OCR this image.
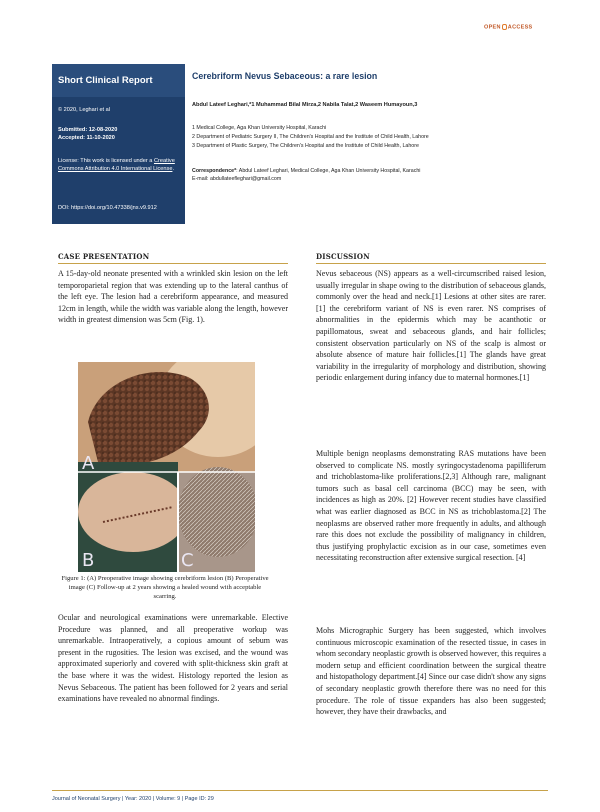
OPEN ACCESS
Short Clinical Report
© 2020, Leghari et al
Submitted: 12-08-2020
Accepted: 11-10-2020
License: This work is licensed under a Creative Commons Attribution 4.0 International License.
DOI: https://doi.org/10.47338/jns.v9.912
Cerebriform Nevus Sebaceous: a rare lesion
Abdul Lateef Leghari,*1 Muhammad Bilal Mirza,2 Nabila Talat,2 Waseem Humayoun,3
1 Medical College, Aga Khan University Hospital, Karachi
2 Department of Pediatric Surgery II, The Children's Hospital and the Institute of Child Health, Lahore
3 Department of Plastic Surgery, The Children's Hospital and the Institute of Child Health, Lahore
Correspondence*: Abdul Lateef Leghari, Medical College, Aga Khan University Hospital, Karachi
E-mail: abdullateefleghari@gmail.com
CASE PRESENTATION
A 15-day-old neonate presented with a wrinkled skin lesion on the left temporoparietal region that was extending up to the lateral canthus of the left eye. The lesion had a cerebriform appearance, and measured 12cm in length, while the width was variable along the length, however width in greatest dimension was 5cm (Fig. 1).
A
B	C
Figure 1: (A) Preoperative image showing cerebriform lesion (B) Peroperative image (C) Follow-up at 2 years showing a healed wound with acceptable scarring.
Ocular and neurological examinations were unremarkable. Elective Procedure was planned, and all preoperative workup was unremarkable. Intraoperatively, a copious amount of sebum was present in the rugosities. The lesion was excised, and the wound was approximated superiorly and covered with split-thickness skin graft at the base where it was the widest. Histology reported the lesion as Nevus Sebaceous. The patient has been followed for 2 years and serial examinations have revealed no abnormal findings.
DISCUSSION
Nevus sebaceous (NS) appears as a well-circumscribed raised lesion, usually irregular in shape owing to the distribution of sebaceous glands, commonly over the head and neck.[1] Lesions at other sites are rarer.[1] the cerebriform variant of NS is even rarer. NS comprises of abnormalities in the epidermis which may be acanthotic or papillomatous, sweat and sebaceous glands, and hair follicles; consistent observation particularly on NS of the scalp is almost or absolute absence of mature hair follicles.[1] The glands have great variability in the irregularity of morphology and distribution, showing periodic enlargement during infancy due to maternal hormones.[1]
Multiple benign neoplasms demonstrating RAS mutations have been observed to complicate NS. mostly syringocystadenoma papilliferum and trichoblastoma-like proliferations.[2,3] Although rare, malignant tumors such as basal cell carcinoma (BCC) may be seen, with incidences as high as 20%. [2] However recent studies have classified what was earlier diagnosed as BCC in NS as trichoblastoma.[2] The neoplasms are observed rather more frequently in adults, and although rare this does not exclude the possibility of malignancy in children, thus justifying prophylactic excision as in our case, sometimes even necessitating reconstruction after extensive surgical resection. [4]
Mohs Micrographic Surgery has been suggested, which involves continuous microscopic examination of the resected tissue, in cases in whom secondary neoplastic growth is observed however, this requires a modern setup and efficient coordination between the surgical theatre and histopathology department.[4] Since our case didn't show any signs of secondary neoplastic growth therefore there was no need for this procedure. The role of tissue expanders has also been suggested; however, they have their drawbacks, and
Journal of Neonatal Surgery | Year: 2020 | Volume: 9 | Page ID: 29
